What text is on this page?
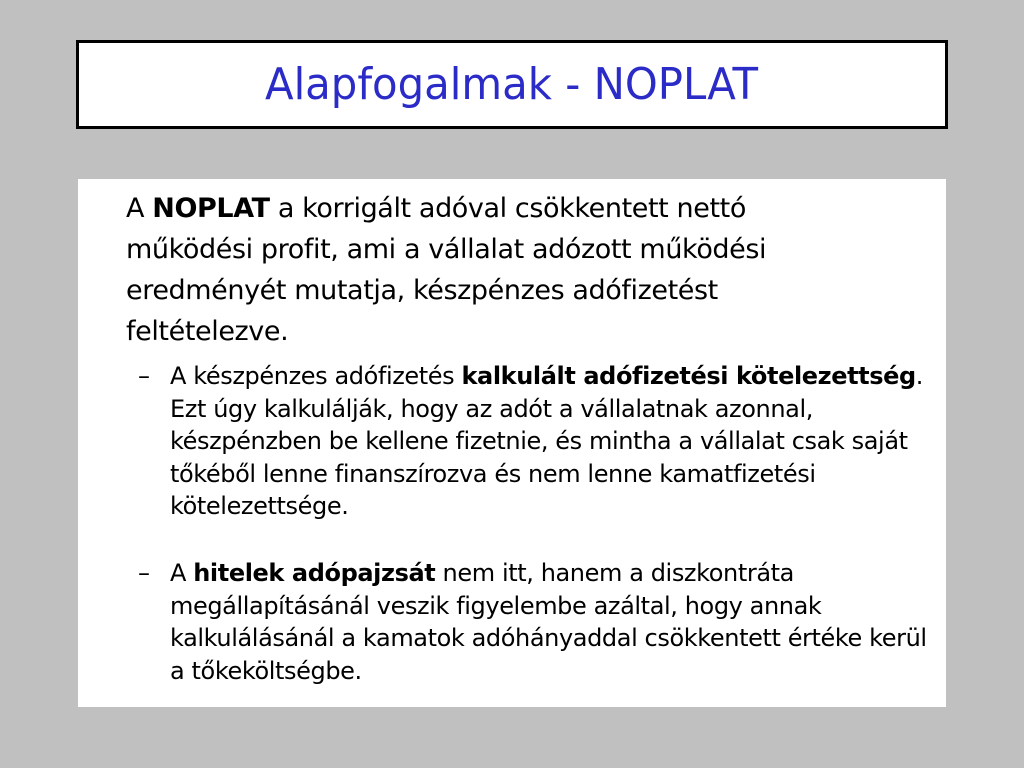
Alapfogalmak - NOPLAT

A NOPLAT a korrigált adóval csökkentett nettó működési profit, ami a vállalat adózott működési eredményét mutatja, készpénzes adófizetést feltételezve.

– A készpénzes adófizetés kalkulált adófizetési kötelezettség. Ezt úgy kalkulálják, hogy az adót a vállalatnak azonnal, készpénzben be kellene fizetnie, és mintha a vállalat csak saját tőkéből lenne finanszírozva és nem lenne kamatfizetési kötelezettsége.

– A hitelek adópajzsát nem itt, hanem a diszkontráta megállapításánál veszik figyelembe azáltal, hogy annak kalkulálásánál a kamatok adóhányaddal csökkentett értéke kerül a tőkeköltségbe.
